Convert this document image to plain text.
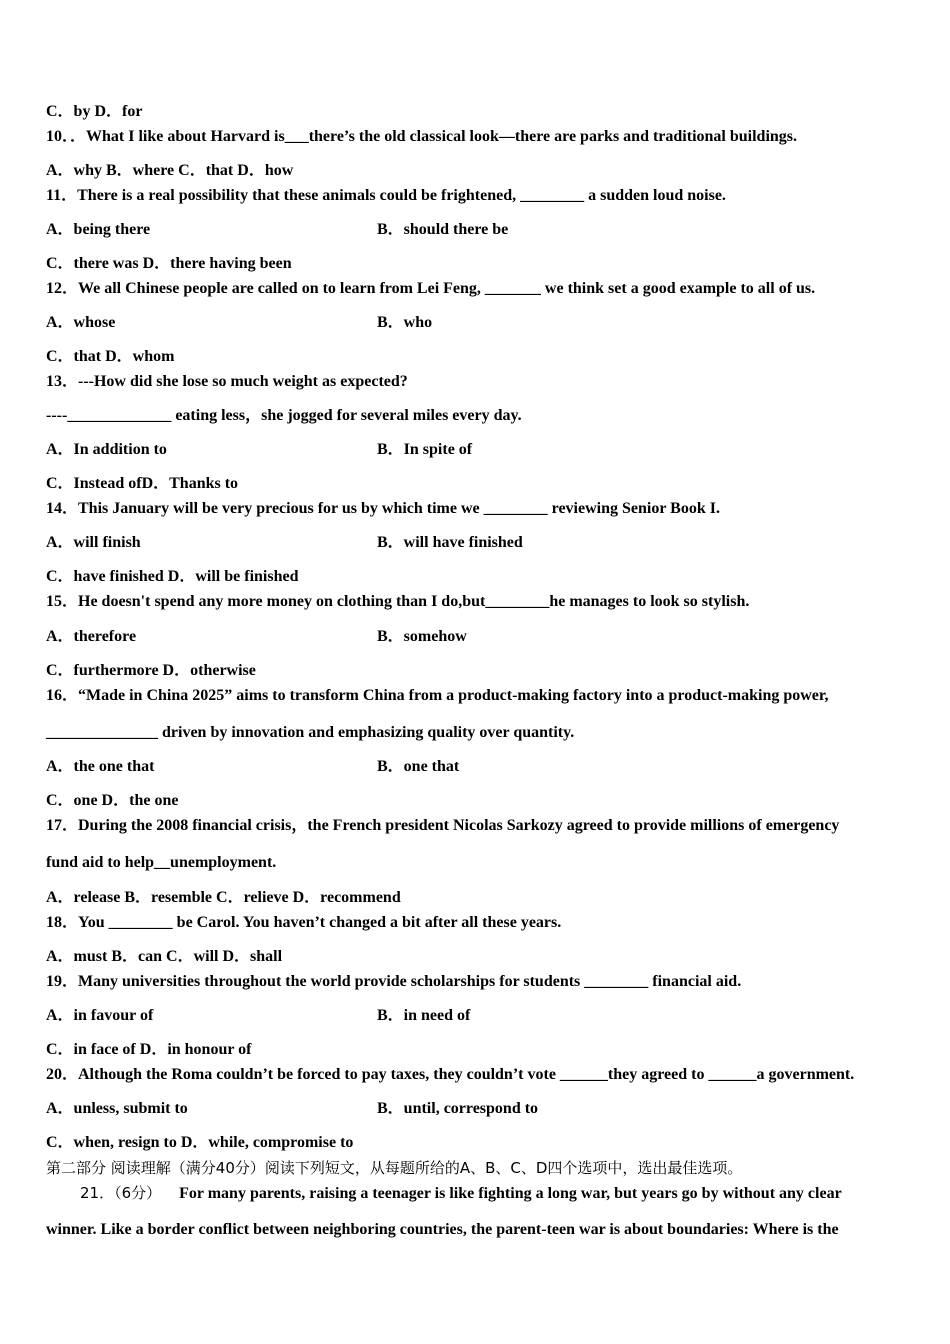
C．by D．for
10．．What I like about Harvard is___there’s the old classical look—there are parks and traditional buildings.
A．why B．where C．that D．how
11．There is a real possibility that these animals could be frightened, ________ a sudden loud noise.
A．being there	B．should there be
C．there was D．there having been
12．We all Chinese people are called on to learn from Lei Feng, _______ we think set a good example to all of us.
A．whose	B．who
C．that D．whom
13．---How did she lose so much weight as expected?
----_____________ eating less，she jogged for several miles every day.
A．In addition to	B．In spite of
C．Instead ofD．Thanks to
14．This January will be very precious for us by which time we ________ reviewing Senior Book I.
A．will finish	B．will have finished
C．have finished D．will be finished
15．He doesn't spend any more money on clothing than I do,but________he manages to look so stylish.
A．therefore	B．somehow
C．furthermore D．otherwise
16．“Made in China 2025” aims to transform China from a product-making factory into a product-making power,
______________ driven by innovation and emphasizing quality over quantity.
A．the one that	B．one that
C．one D．the one
17．During the 2008 financial crisis，the French president Nicolas Sarkozy agreed to provide millions of emergency
fund aid to help__unemployment.
A．release B．resemble C．relieve D．recommend
18．You ________ be Carol. You haven’t changed a bit after all these years.
A．must B．can C．will D．shall
19．Many universities throughout the world provide scholarships for students ________ financial aid.
A．in favour of	B．in need of
C．in face of D．in honour of
20．Although the Roma couldn’t be forced to pay taxes, they couldn’t vote ______they agreed to ______a government.
A．unless, submit to	B．until, correspond to
C．when, resign to D．while, compromise to
第二部分 阅读理解（满分40分）阅读下列短文，从每题所给的A、B、C、D四个选项中，选出最佳选项。
21．（6分） For many parents, raising a teenager is like fighting a long war, but years go by without any clear
winner. Like a border conflict between neighboring countries, the parent-teen war is about boundaries: Where is the
